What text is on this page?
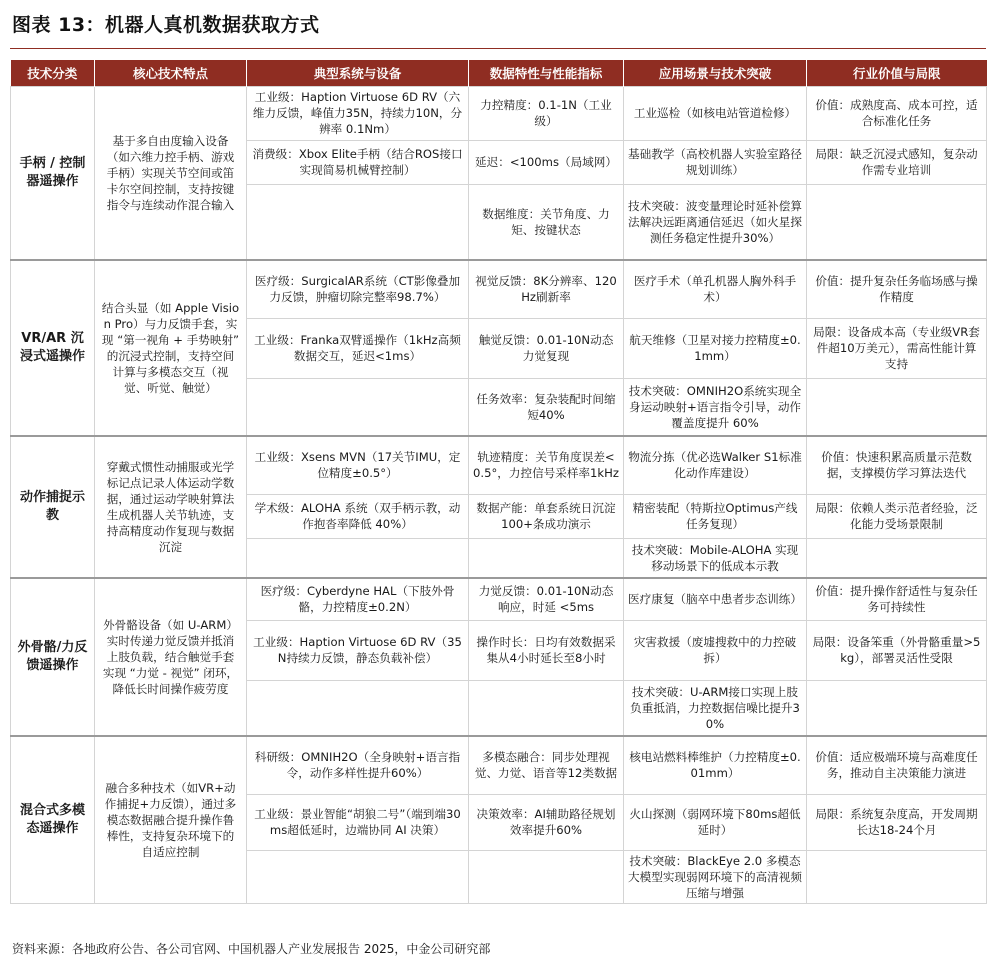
图表 13：机器人真机数据获取方式
技术分类	核心技术特点	典型系统与设备	数据特性与性能指标	应用场景与技术突破	行业价值与局限
手柄 / 控制器遥操作	基于多自由度输入设备（如六维力控手柄、游戏手柄）实现关节空间或笛卡尔空间控制，支持按键指令与连续动作混合输入	工业级：Haption Virtuose 6D RV（六维力反馈，峰值力35N，持续力10N，分辨率 0.1Nm）	力控精度：0.1-1N（工业级）	工业巡检（如核电站管道检修）	价值：成熟度高、成本可控，适合标准化任务
		消费级：Xbox Elite手柄（结合ROS接口实现简易机械臂控制）	延迟：<100ms（局域网）	基础教学（高校机器人实验室路径规划训练）	局限：缺乏沉浸式感知，复杂动作需专业培训
			数据维度：关节角度、力矩、按键状态	技术突破：波变量理论时延补偿算法解决远距离通信延迟（如火星探测任务稳定性提升30%）	
VR/AR 沉浸式遥操作	结合头显（如 Apple Vision Pro）与力反馈手套，实现 “第一视角 + 手势映射” 的沉浸式控制，支持空间计算与多模态交互（视觉、听觉、触觉）	医疗级：SurgicalAR系统（CT影像叠加力反馈，肿瘤切除完整率98.7%）	视觉反馈：8K分辨率、120Hz刷新率	医疗手术（单孔机器人胸外科手术）	价值：提升复杂任务临场感与操作精度
		工业级：Franka双臂遥操作（1kHz高频数据交互，延迟<1ms）	触觉反馈：0.01-10N动态力觉复现	航天维修（卫星对接力控精度±0.1mm）	局限：设备成本高（专业级VR套件超10万美元），需高性能计算支持
			任务效率：复杂装配时间缩短40%	技术突破：OMNIH2O系统实现全身运动映射+语言指令引导，动作覆盖度提升 60%	
动作捕捉示教	穿戴式惯性动捕服或光学标记点记录人体运动学数据，通过运动学映射算法生成机器人关节轨迹，支持高精度动作复现与数据沉淀	工业级：Xsens MVN（17关节IMU，定位精度±0.5°）	轨迹精度：关节角度误差<0.5°，力控信号采样率1kHz	物流分拣（优必选Walker S1标准化动作库建设）	价值：快速积累高质量示范数据，支撑模仿学习算法迭代
		学术级：ALOHA 系统（双手柄示教，动作抱沓率降低 40%）	数据产能：单套系统日沉淀 100+条成功演示	精密装配（特斯拉Optimus产线任务复现）	局限：依赖人类示范者经验，泛化能力受场景限制
				技术突破：Mobile-ALOHA 实现移动场景下的低成本示教	
外骨骼/力反馈遥操作	外骨骼设备（如 U-ARM）实时传递力觉反馈并抵消上肢负载，结合触觉手套实现 “力觉 - 视觉” 闭环，降低长时间操作疲劳度	医疗级：Cyberdyne HAL（下肢外骨骼，力控精度±0.2N）	力觉反馈：0.01-10N动态响应，时延 <5ms	医疗康复（脑卒中患者步态训练）	价值：提升操作舒适性与复杂任务可持续性
		工业级：Haption Virtuose 6D RV（35N持续力反馈，静态负载补偿）	操作时长：日均有效数据采集从4小时延长至8小时	灾害救援（废墟搜救中的力控破拆）	局限：设备笨重（外骨骼重量>5kg），部署灵活性受限
				技术突破：U-ARM接口实现上肢负重抵消，力控数据信噪比提升30%	
混合式多模态遥操作	融合多种技术（如VR+动作捕捉+力反馈），通过多模态数据融合提升操作鲁棒性，支持复杂环境下的自适应控制	科研级：OMNIH2O（全身映射+语言指令，动作多样性提升60%）	多模态融合：同步处理视觉、力觉、语音等12类数据	核电站燃料棒维护（力控精度±0.01mm）	价值：适应极端环境与高难度任务，推动自主决策能力演进
		工业级：景业智能“胡狼二号”（端到端30ms超低延时，边端协同 AI 决策）	决策效率：AI辅助路径规划效率提升60%	火山探测（弱网环境下80ms超低延时）	局限：系统复杂度高，开发周期长达18-24个月
				技术突破：BlackEye 2.0 多模态大模型实现弱网环境下的高清视频压缩与增强	
资料来源：各地政府公告、各公司官网、中国机器人产业发展报告 2025，中金公司研究部
